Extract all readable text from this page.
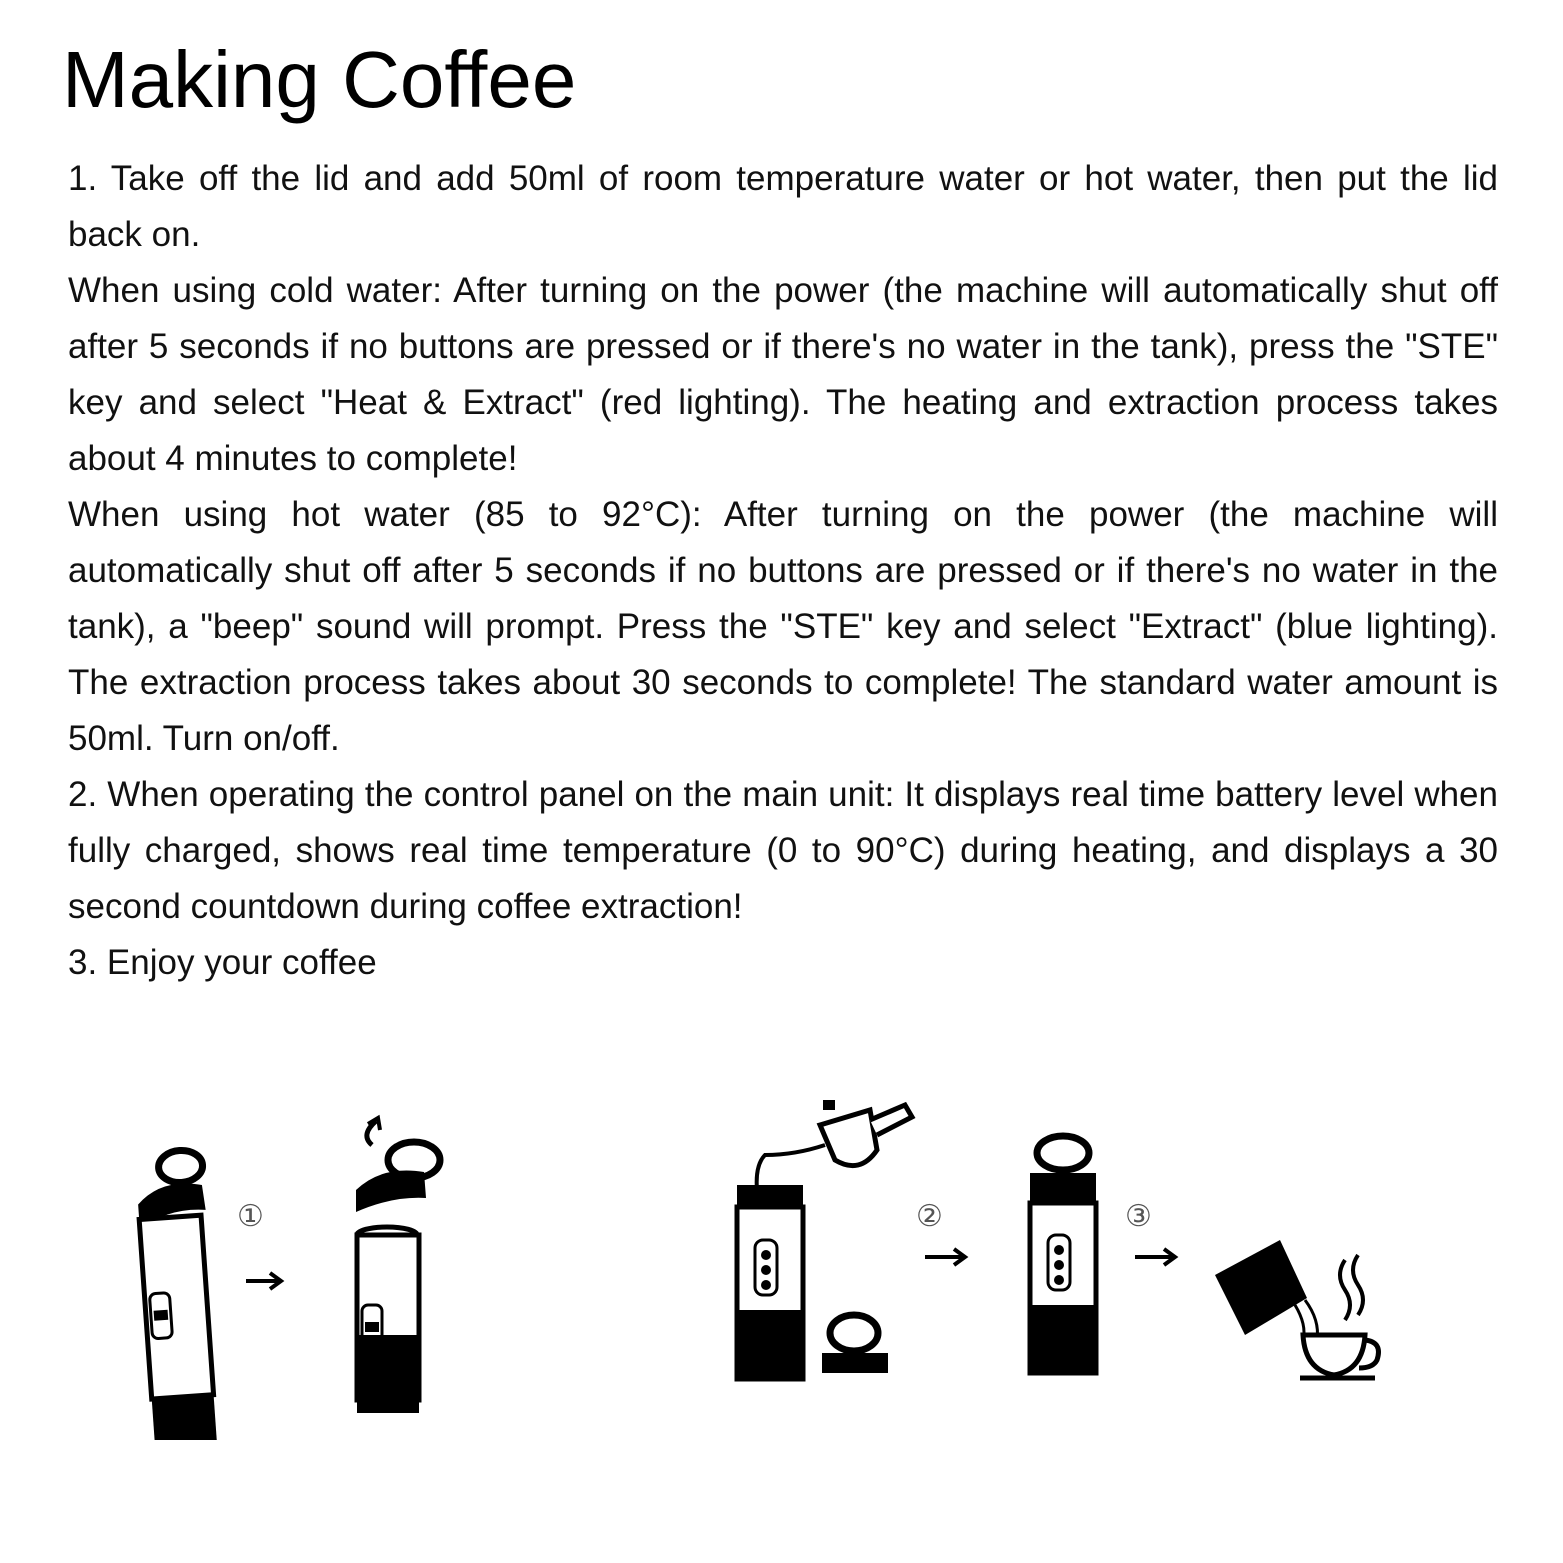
Making Coffee

1. Take off the lid and add 50ml of room temperature water or hot water, then put the lid back on.

When using cold water: After turning on the power (the machine will automatically shut off after 5 seconds if no buttons are pressed or if there's no water in the tank), press the "STE" key and select "Heat & Extract" (red lighting). The heating and extraction process takes about 4 minutes to complete!

When using hot water (85 to 92°C): After turning on the power (the machine will automatically shut off after 5 seconds if no buttons are pressed or if there's no water in the tank), a "beep" sound will prompt. Press the "STE" key and select "Extract" (blue lighting). The extraction process takes about 30 seconds to complete! The standard water amount is 50ml. Turn on/off.

2. When operating the control panel on the main unit: It displays real time battery level when fully charged, shows real time temperature (0 to 90°C) during heating, and displays a 30 second countdown during coffee extraction!

3. Enjoy your coffee

①	②	③
